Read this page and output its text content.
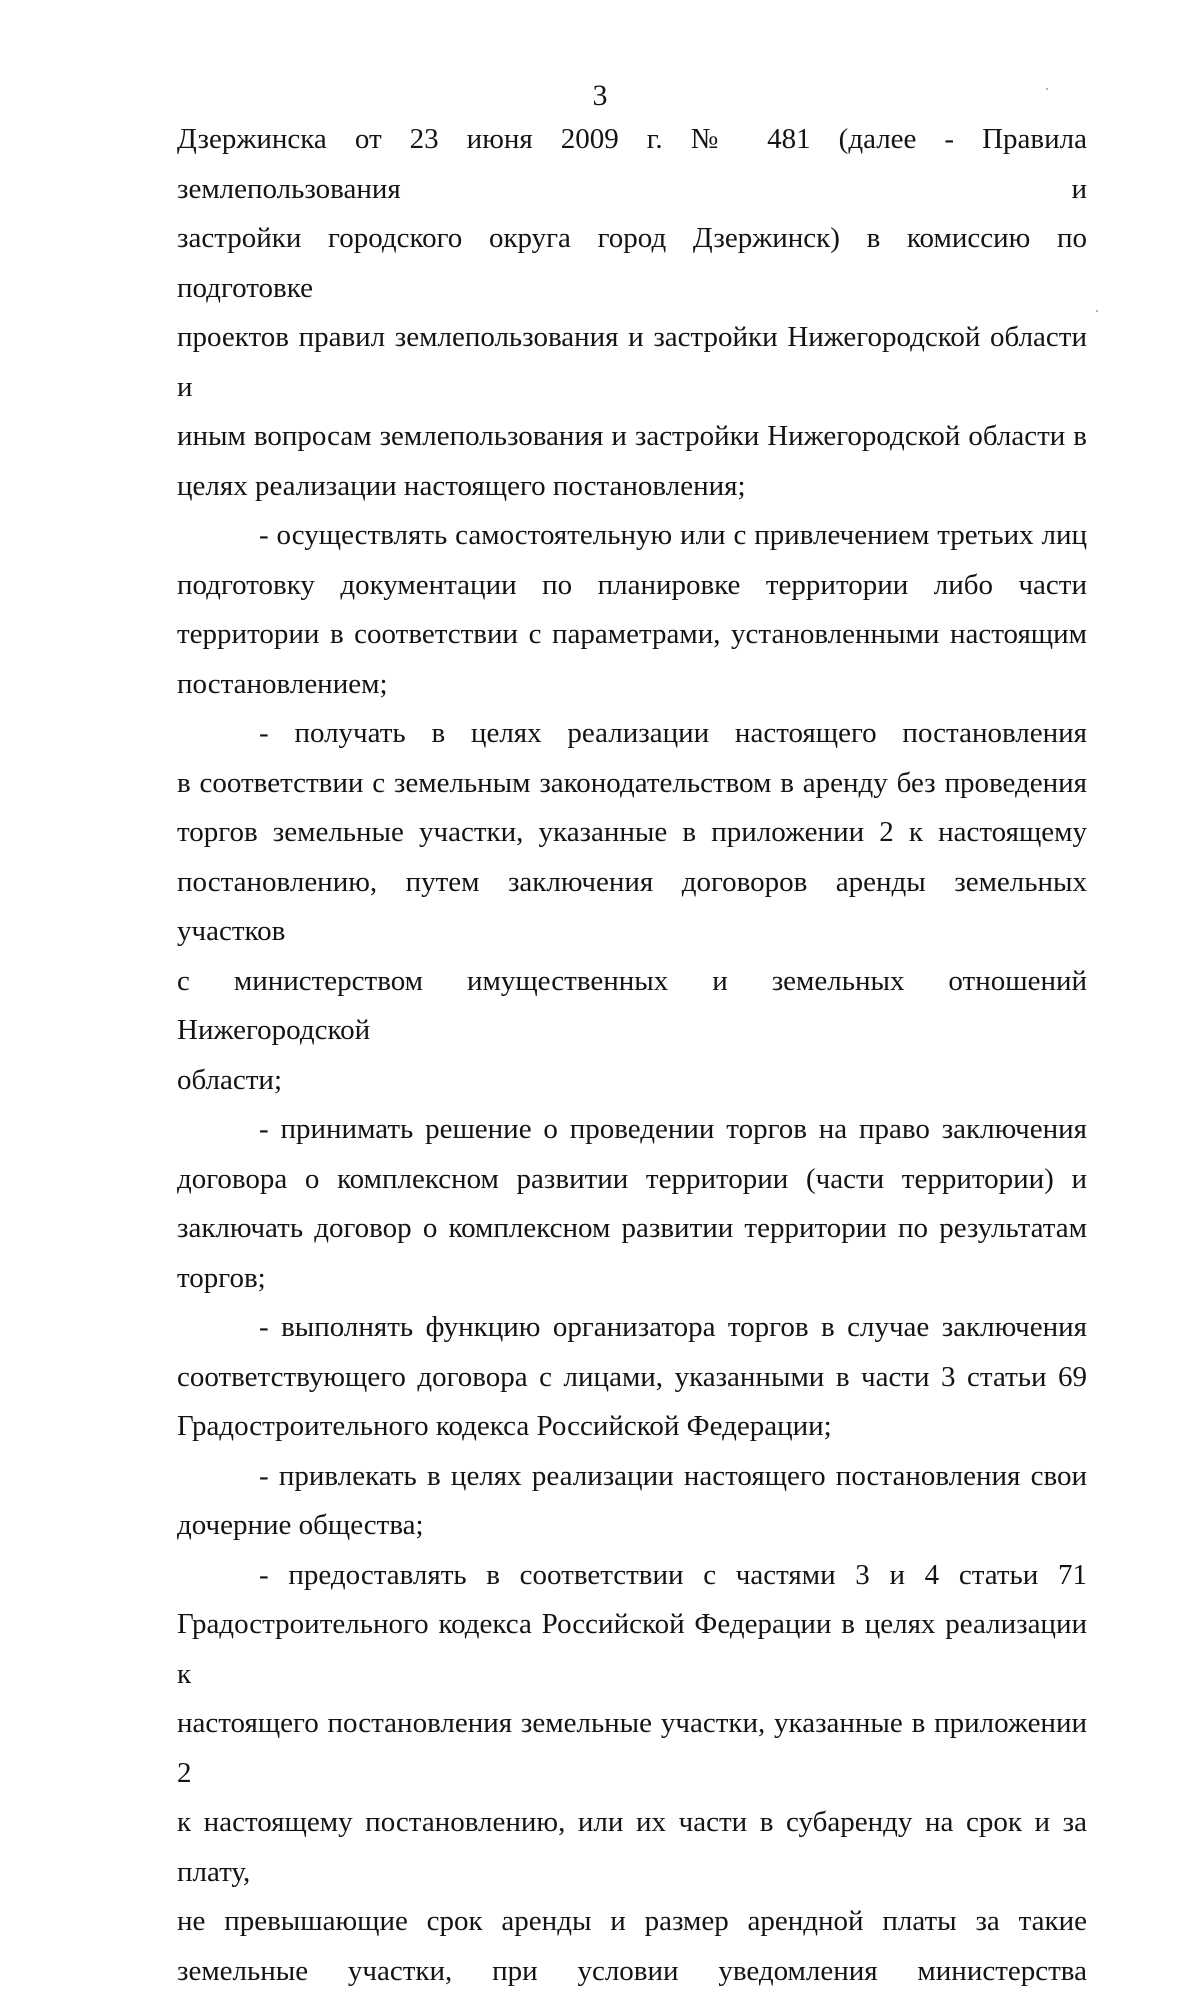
3
Дзержинска от 23 июня 2009 г. № 481 (далее - Правила землепользования и
застройки городского округа город Дзержинск) в комиссию по подготовке
проектов правил землепользования и застройки Нижегородской области и
иным вопросам землепользования и застройки Нижегородской области в
целях реализации настоящего постановления;
- осуществлять самостоятельную или с привлечением третьих лиц
подготовку документации по планировке территории либо части
территории в соответствии с параметрами, установленными настоящим
постановлением;
- получать в целях реализации настоящего постановления
в соответствии с земельным законодательством в аренду без проведения
торгов земельные участки, указанные в приложении 2 к настоящему
постановлению, путем заключения договоров аренды земельных участков
с министерством имущественных и земельных отношений Нижегородской
области;
- принимать решение о проведении торгов на право заключения
договора о комплексном развитии территории (части территории) и
заключать договор о комплексном развитии территории по результатам
торгов;
- выполнять функцию организатора торгов в случае заключения
соответствующего договора с лицами, указанными в части 3 статьи 69
Градостроительного кодекса Российской Федерации;
- привлекать в целях реализации настоящего постановления свои
дочерние общества;
- предоставлять в соответствии с частями 3 и 4 статьи 71
Градостроительного кодекса Российской Федерации в целях реализации к
настоящего постановления земельные участки, указанные в приложении 2
к настоящему постановлению, или их части в субаренду на срок и за плату,
не превышающие срок аренды и размер арендной платы за такие
земельные участки, при условии уведомления министерства
